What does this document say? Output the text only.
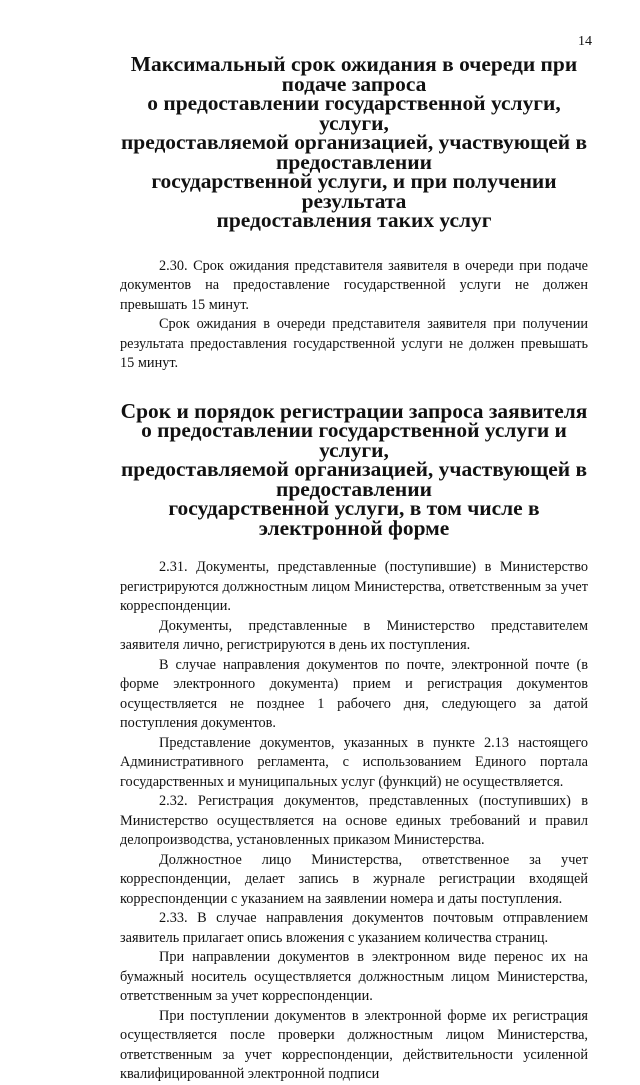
14
Максимальный срок ожидания в очереди при подаче запроса
о предоставлении государственной услуги, услуги,
предоставляемой организацией, участвующей в предоставлении
государственной услуги, и при получении результата
предоставления таких услуг

2.30. Срок ожидания представителя заявителя в очереди при подаче документов на предоставление государственной услуги не должен превышать 15 минут.

Срок ожидания в очереди представителя заявителя при получении результата предоставления государственной услуги не должен превышать 15 минут.

Срок и порядок регистрации запроса заявителя
о предоставлении государственной услуги и услуги,
предоставляемой организацией, участвующей в предоставлении
государственной услуги, в том числе в электронной форме

2.31. Документы, представленные (поступившие) в Министерство регистрируются должностным лицом Министерства, ответственным за учет корреспонденции.

Документы, представленные в Министерство представителем заявителя лично, регистрируются в день их поступления.

В случае направления документов по почте, электронной почте (в форме электронного документа) прием и регистрация документов осуществляется не позднее 1 рабочего дня, следующего за датой поступления документов.

Представление документов, указанных в пункте 2.13 настоящего Административного регламента, с использованием Единого портала государственных и муниципальных услуг (функций) не осуществляется.

2.32. Регистрация документов, представленных (поступивших) в Министерство осуществляется на основе единых требований и правил делопроизводства, установленных приказом Министерства.

Должностное лицо Министерства, ответственное за учет корреспонденции, делает запись в журнале регистрации входящей корреспонденции с указанием на заявлении номера и даты поступления.

2.33. В случае направления документов почтовым отправлением заявитель прилагает опись вложения с указанием количества страниц.

При направлении документов в электронном виде перенос их на бумажный носитель осуществляется должностным лицом Министерства, ответственным за учет корреспонденции.

При поступлении документов в электронной форме их регистрация осуществляется после проверки должностным лицом Министерства, ответственным за учет корреспонденции, действительности усиленной квалифицированной электронной подписи
